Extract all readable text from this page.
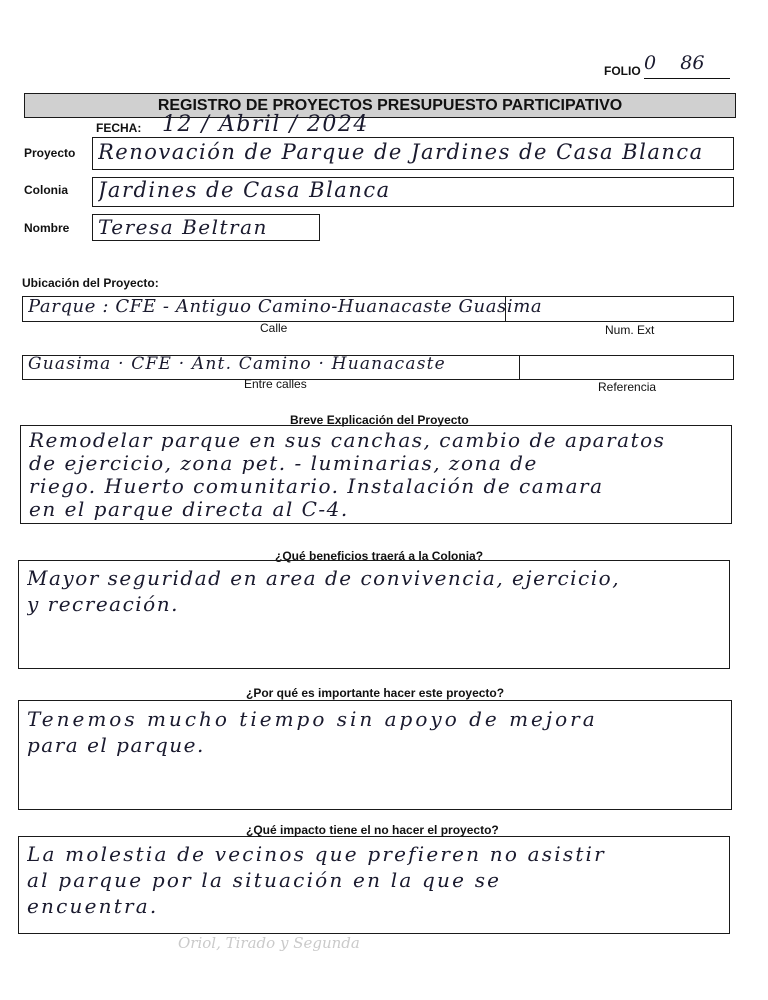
FOLIO 0    86
REGISTRO DE PROYECTOS PRESUPUESTO PARTICIPATIVO
FECHA: 12 / Abril / 2024
Proyecto Renovación de Parque de Jardines de Casa Blanca
Colonia Jardines de Casa Blanca
Nombre Teresa Beltran
Ubicación del Proyecto:
Parque : CFE - Antiguo Camino-Huanacaste Guasima
Calle	Num. Ext
Guasima · CFE · Ant. Camino · Huanacaste
Entre calles	Referencia
Breve Explicación del Proyecto
Remodelar parque en sus canchas, cambio de aparatos
de ejercicio, zona pet. - luminarias, zona de
riego. Huerto comunitario. Instalación de camara
en el parque directa al C-4.
¿Qué beneficios traerá a la Colonia?
Mayor seguridad en area de convivencia, ejercicio,
y recreación.
¿Por qué es importante hacer este proyecto?
Tenemos mucho tiempo sin apoyo de mejora
para el parque.
¿Qué impacto tiene el no hacer el proyecto?
La molestia de vecinos que prefieren no asistir
al parque por la situación en la que se
encuentra.
Oriol, Tirado y Segunda
